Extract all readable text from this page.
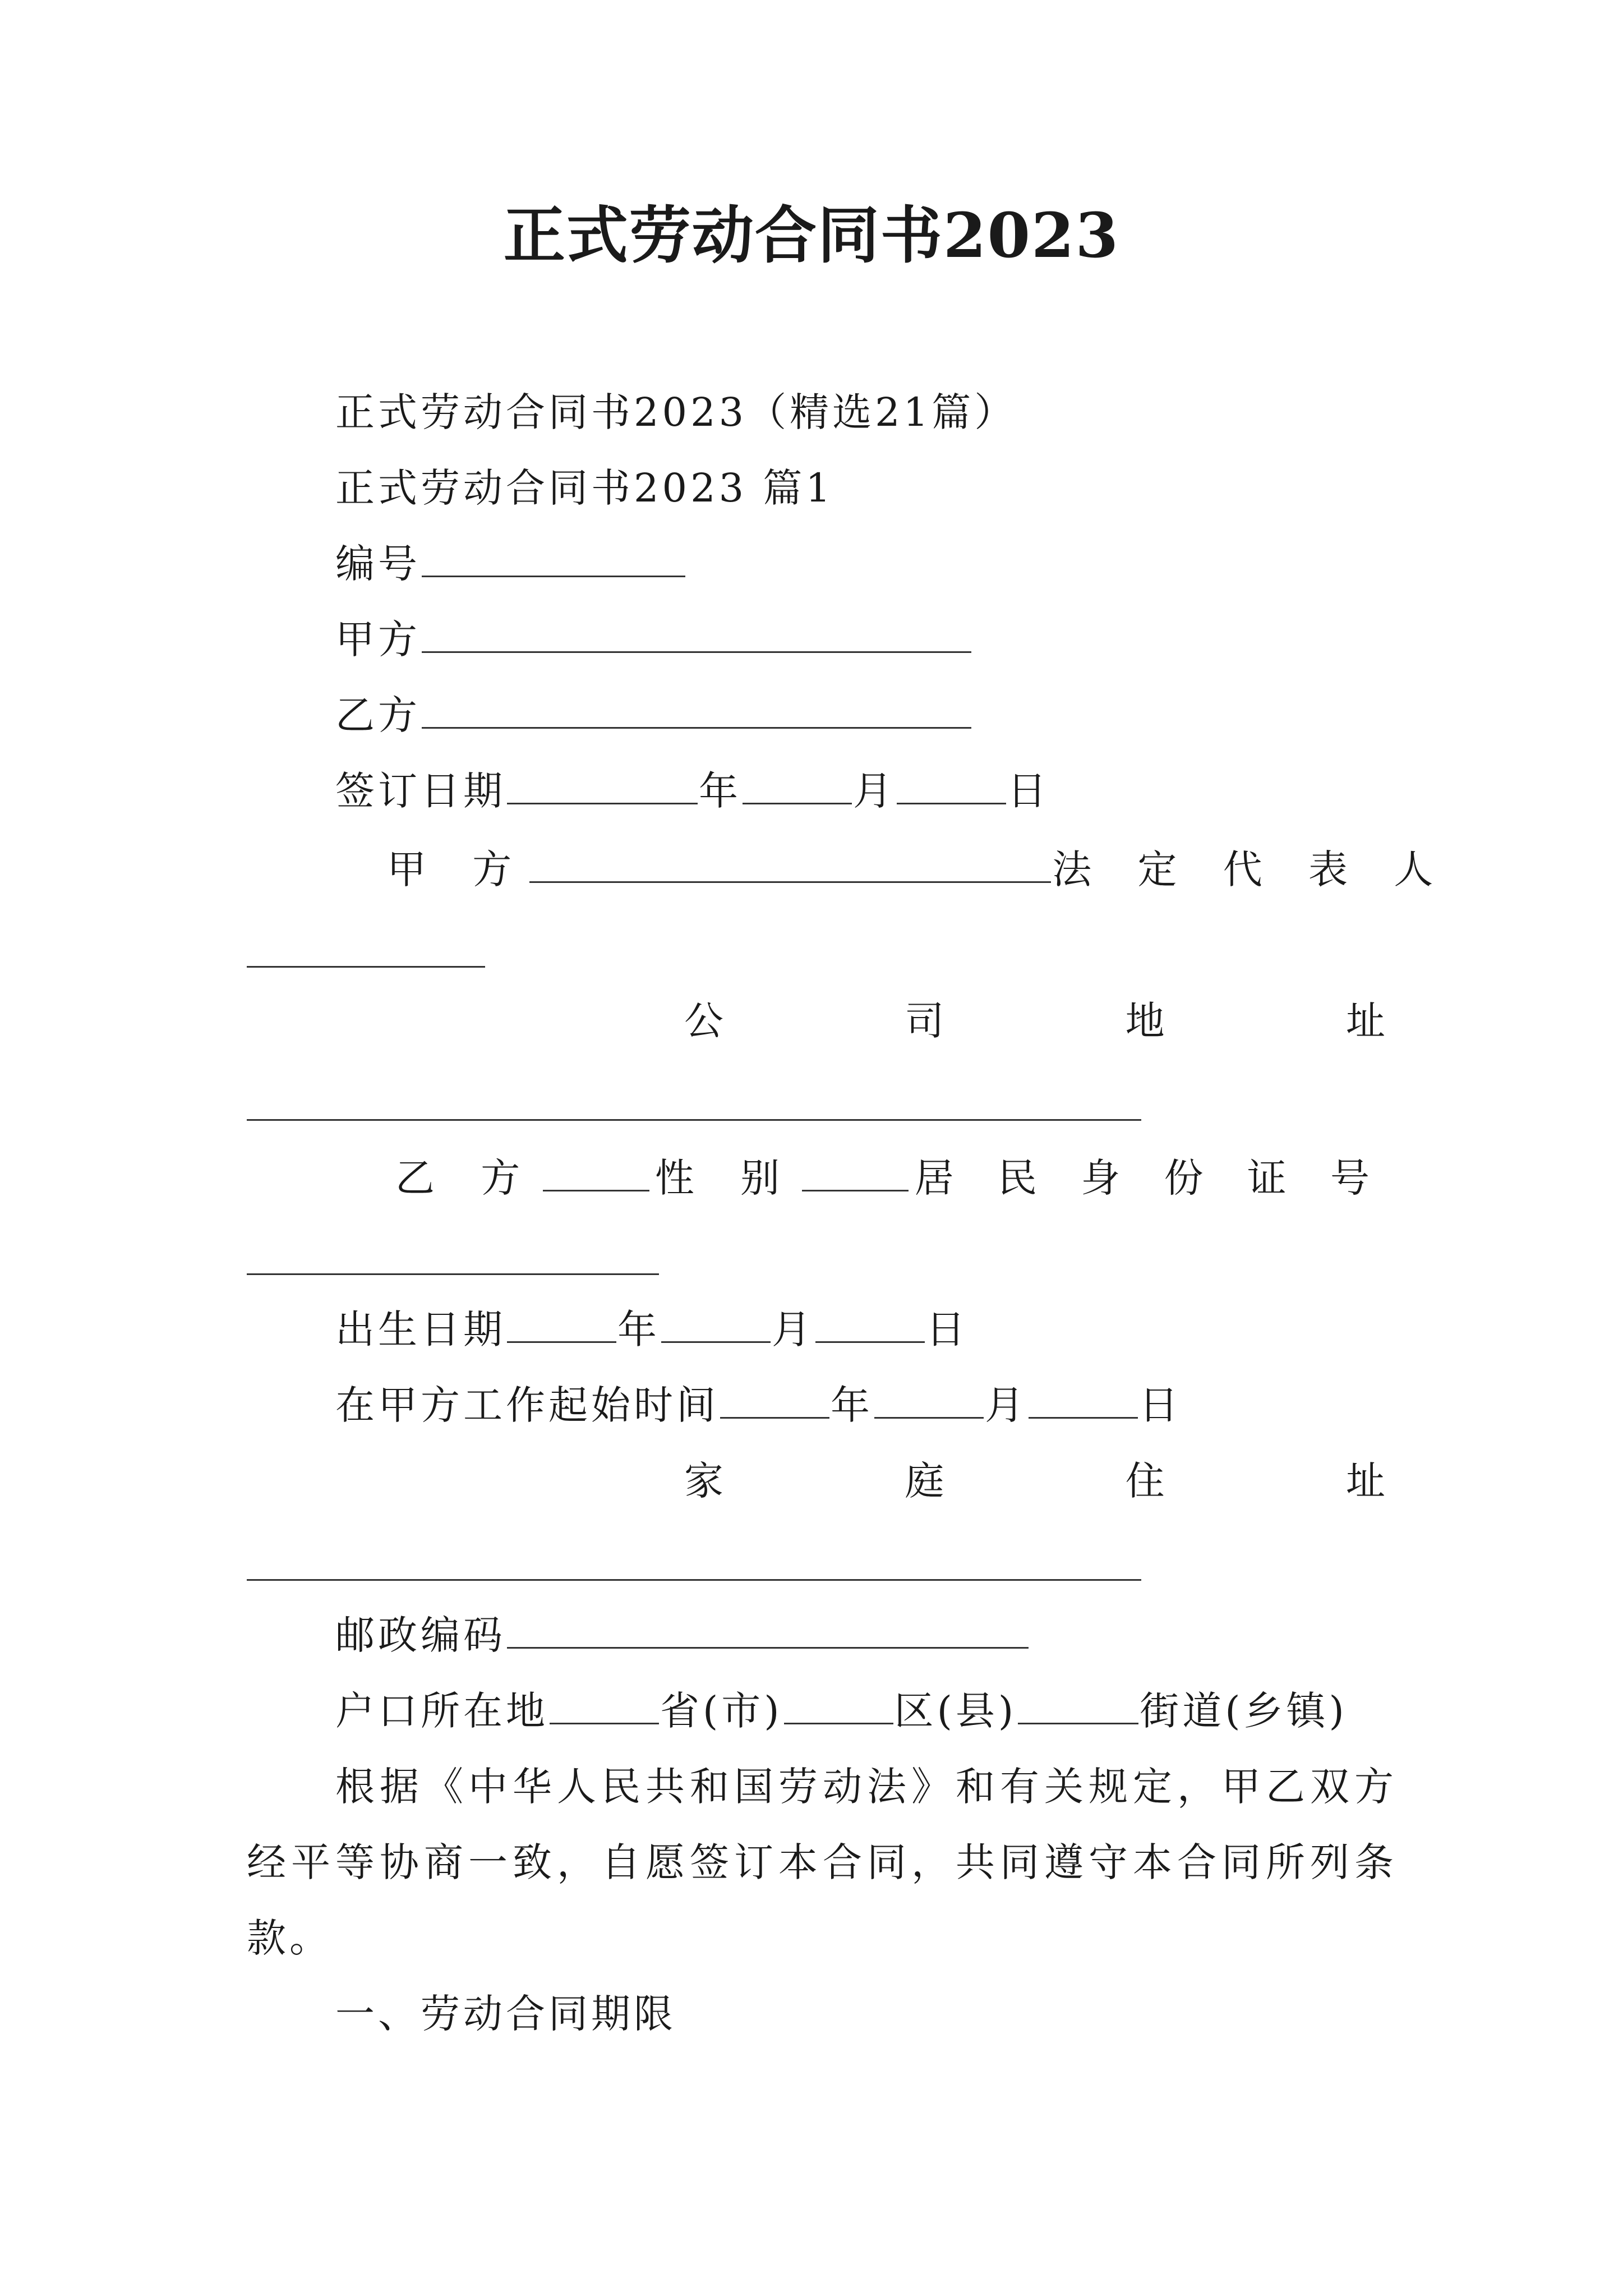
正式劳动合同书2023
正式劳动合同书2023（精选21篇）
正式劳动合同书2023 篇1
编号
甲方
乙方
签订日期	年	月	日
甲 方	法 定 代 表 人
公	司	地	址
乙 方	性 别	居 民 身 份 证 号
出生日期	年	月	日
在甲方工作起始时间	年	月	日
家	庭	住	址
邮政编码
户口所在地	省(市)	区(县)	街道(乡镇)
根据《中华人民共和国劳动法》和有关规定，甲乙双方
经平等协商一致，自愿签订本合同，共同遵守本合同所列条
款。
一、劳动合同期限
